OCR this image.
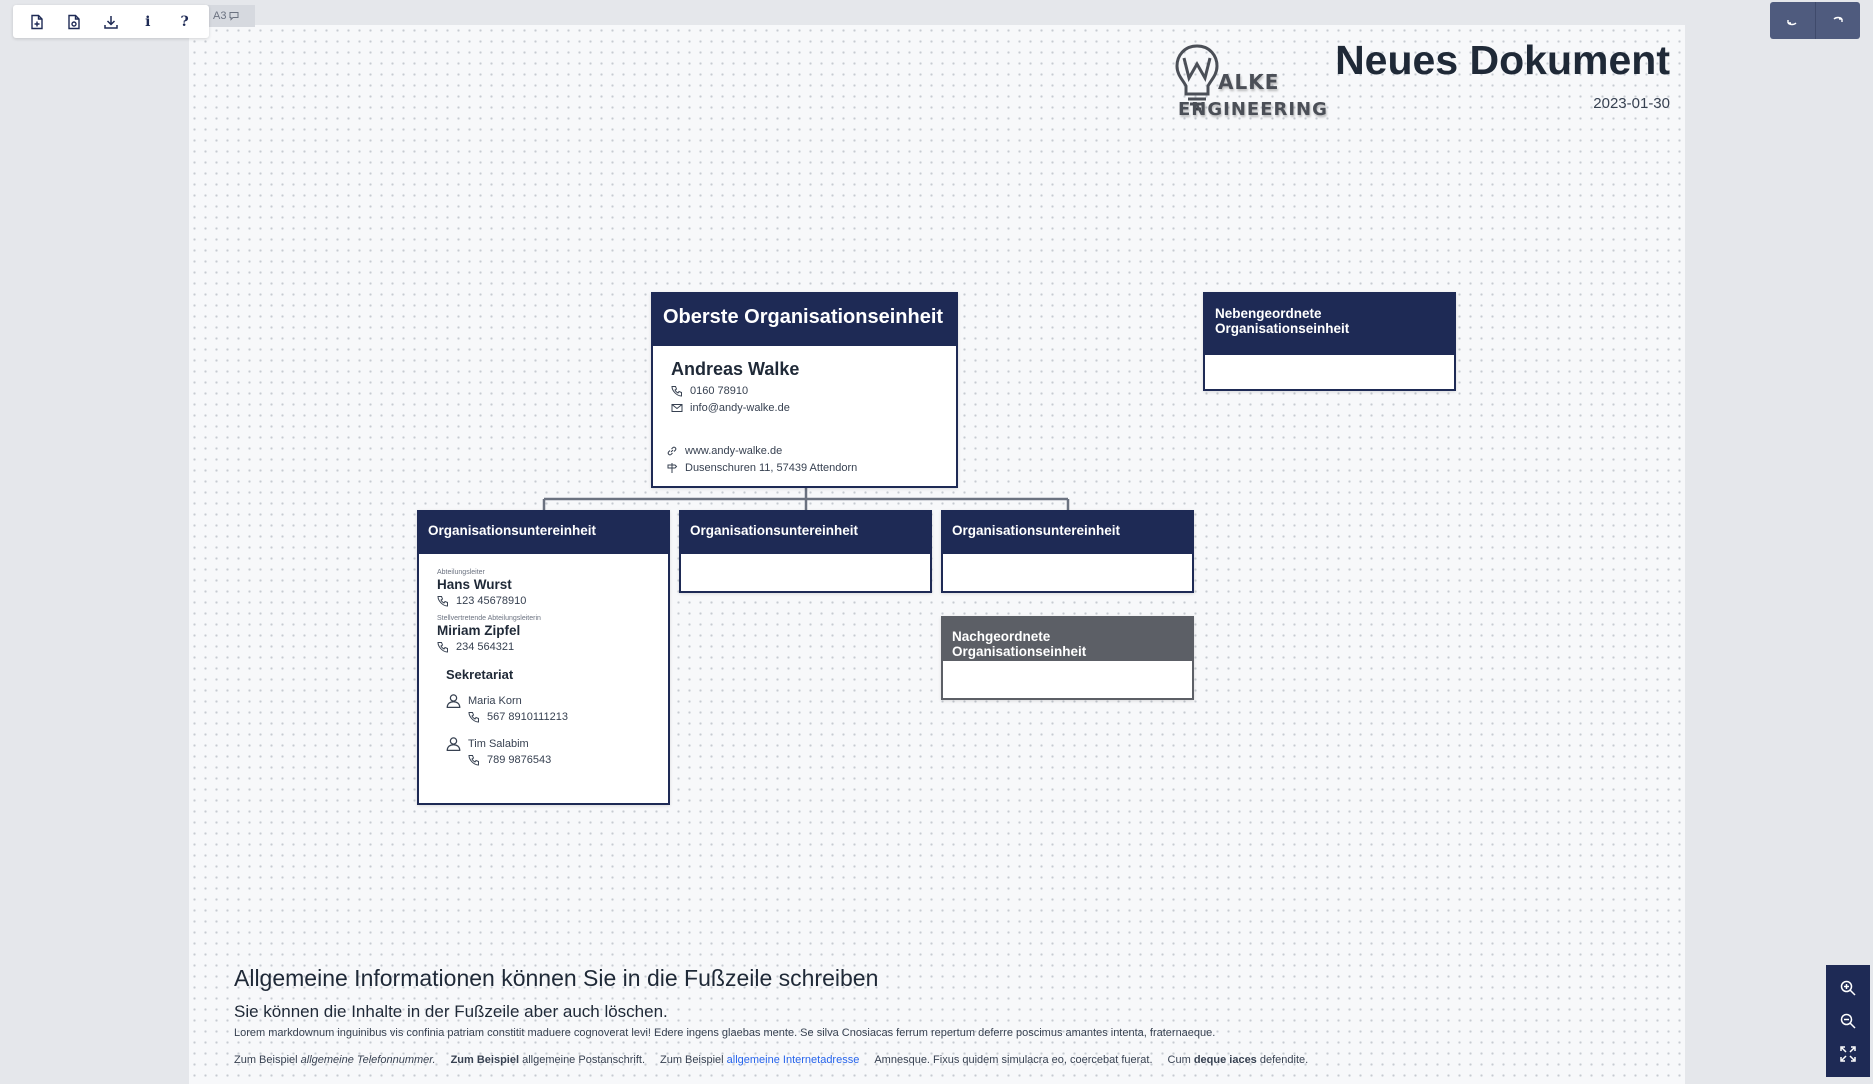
i ? A3
ALKE
ENGINEERING
Neues Dokument
2023-01-30
Oberste Organisationseinheit
Andreas Walke
0160 78910
info@andy-walke.de
www.andy-walke.de
Dusenschuren 11, 57439 Attendorn
Nebengeordnete Organisationseinheit
Organisationsuntereinheit
Abteilungsleiter
Hans Wurst
123 45678910
Stellvertretende Abteilungsleiterin
Miriam Zipfel
234 564321
Sekretariat
Maria Korn
567 8910111213
Tim Salabim
789 9876543
Organisationsuntereinheit	Organisationsuntereinheit
Nachgeordnete Organisationseinheit
Allgemeine Informationen können Sie in die Fußzeile schreiben
Sie können die Inhalte in der Fußzeile aber auch löschen.
Lorem markdownum inguinibus vis confinia patriam constitit maduere cognoverat levi! Edere ingens glaebas mente. Se silva Cnosiacas ferrum repertum deferre poscimus amantes intenta, fraternaeque.
Zum Beispiel allgemeine Telefonnummer. Zum Beispiel allgemeine Postanschrift. Zum Beispiel allgemeine Internetadresse Amnesque. Fixus quidem simulacra eo, coercebat fuerat. Cum deque iaces defendite.
